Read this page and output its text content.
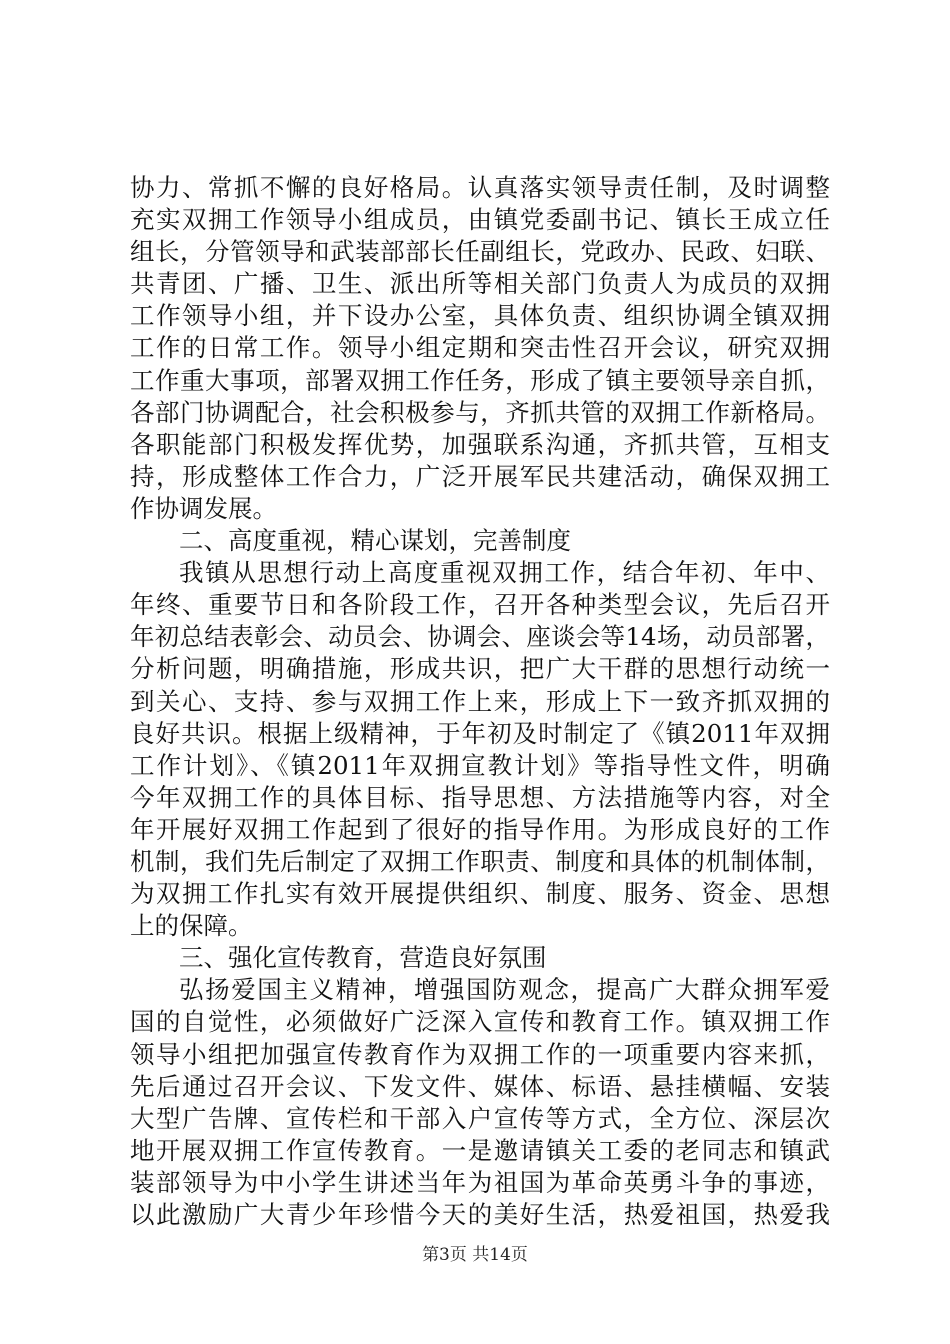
协力、常抓不懈的良好格局。认真落实领导责任制，及时调整
充实双拥工作领导小组成员，由镇党委副书记、镇长王成立任
组长，分管领导和武装部部长任副组长，党政办、民政、妇联、
共青团、广播、卫生、派出所等相关部门负责人为成员的双拥
工作领导小组，并下设办公室，具体负责、组织协调全镇双拥
工作的日常工作。领导小组定期和突击性召开会议，研究双拥
工作重大事项，部署双拥工作任务，形成了镇主要领导亲自抓，
各部门协调配合，社会积极参与，齐抓共管的双拥工作新格局。
各职能部门积极发挥优势，加强联系沟通，齐抓共管，互相支
持，形成整体工作合力，广泛开展军民共建活动，确保双拥工
作协调发展。
二、高度重视，精心谋划，完善制度
我镇从思想行动上高度重视双拥工作，结合年初、年中、
年终、重要节日和各阶段工作，召开各种类型会议，先后召开
年初总结表彰会、动员会、协调会、座谈会等14场，动员部署，
分析问题，明确措施，形成共识，把广大干群的思想行动统一
到关心、支持、参与双拥工作上来，形成上下一致齐抓双拥的
良好共识。根据上级精神，于年初及时制定了《镇2011年双拥
工作计划》、《镇2011年双拥宣教计划》等指导性文件，明确
今年双拥工作的具体目标、指导思想、方法措施等内容，对全
年开展好双拥工作起到了很好的指导作用。为形成良好的工作
机制，我们先后制定了双拥工作职责、制度和具体的机制体制，
为双拥工作扎实有效开展提供组织、制度、服务、资金、思想
上的保障。
三、强化宣传教育，营造良好氛围
弘扬爱国主义精神，增强国防观念，提高广大群众拥军爱
国的自觉性，必须做好广泛深入宣传和教育工作。镇双拥工作
领导小组把加强宣传教育作为双拥工作的一项重要内容来抓，
先后通过召开会议、下发文件、媒体、标语、悬挂横幅、安装
大型广告牌、宣传栏和干部入户宣传等方式，全方位、深层次
地开展双拥工作宣传教育。一是邀请镇关工委的老同志和镇武
装部领导为中小学生讲述当年为祖国为革命英勇斗争的事迹，
以此激励广大青少年珍惜今天的美好生活，热爱祖国，热爱我
第3页 共14页
